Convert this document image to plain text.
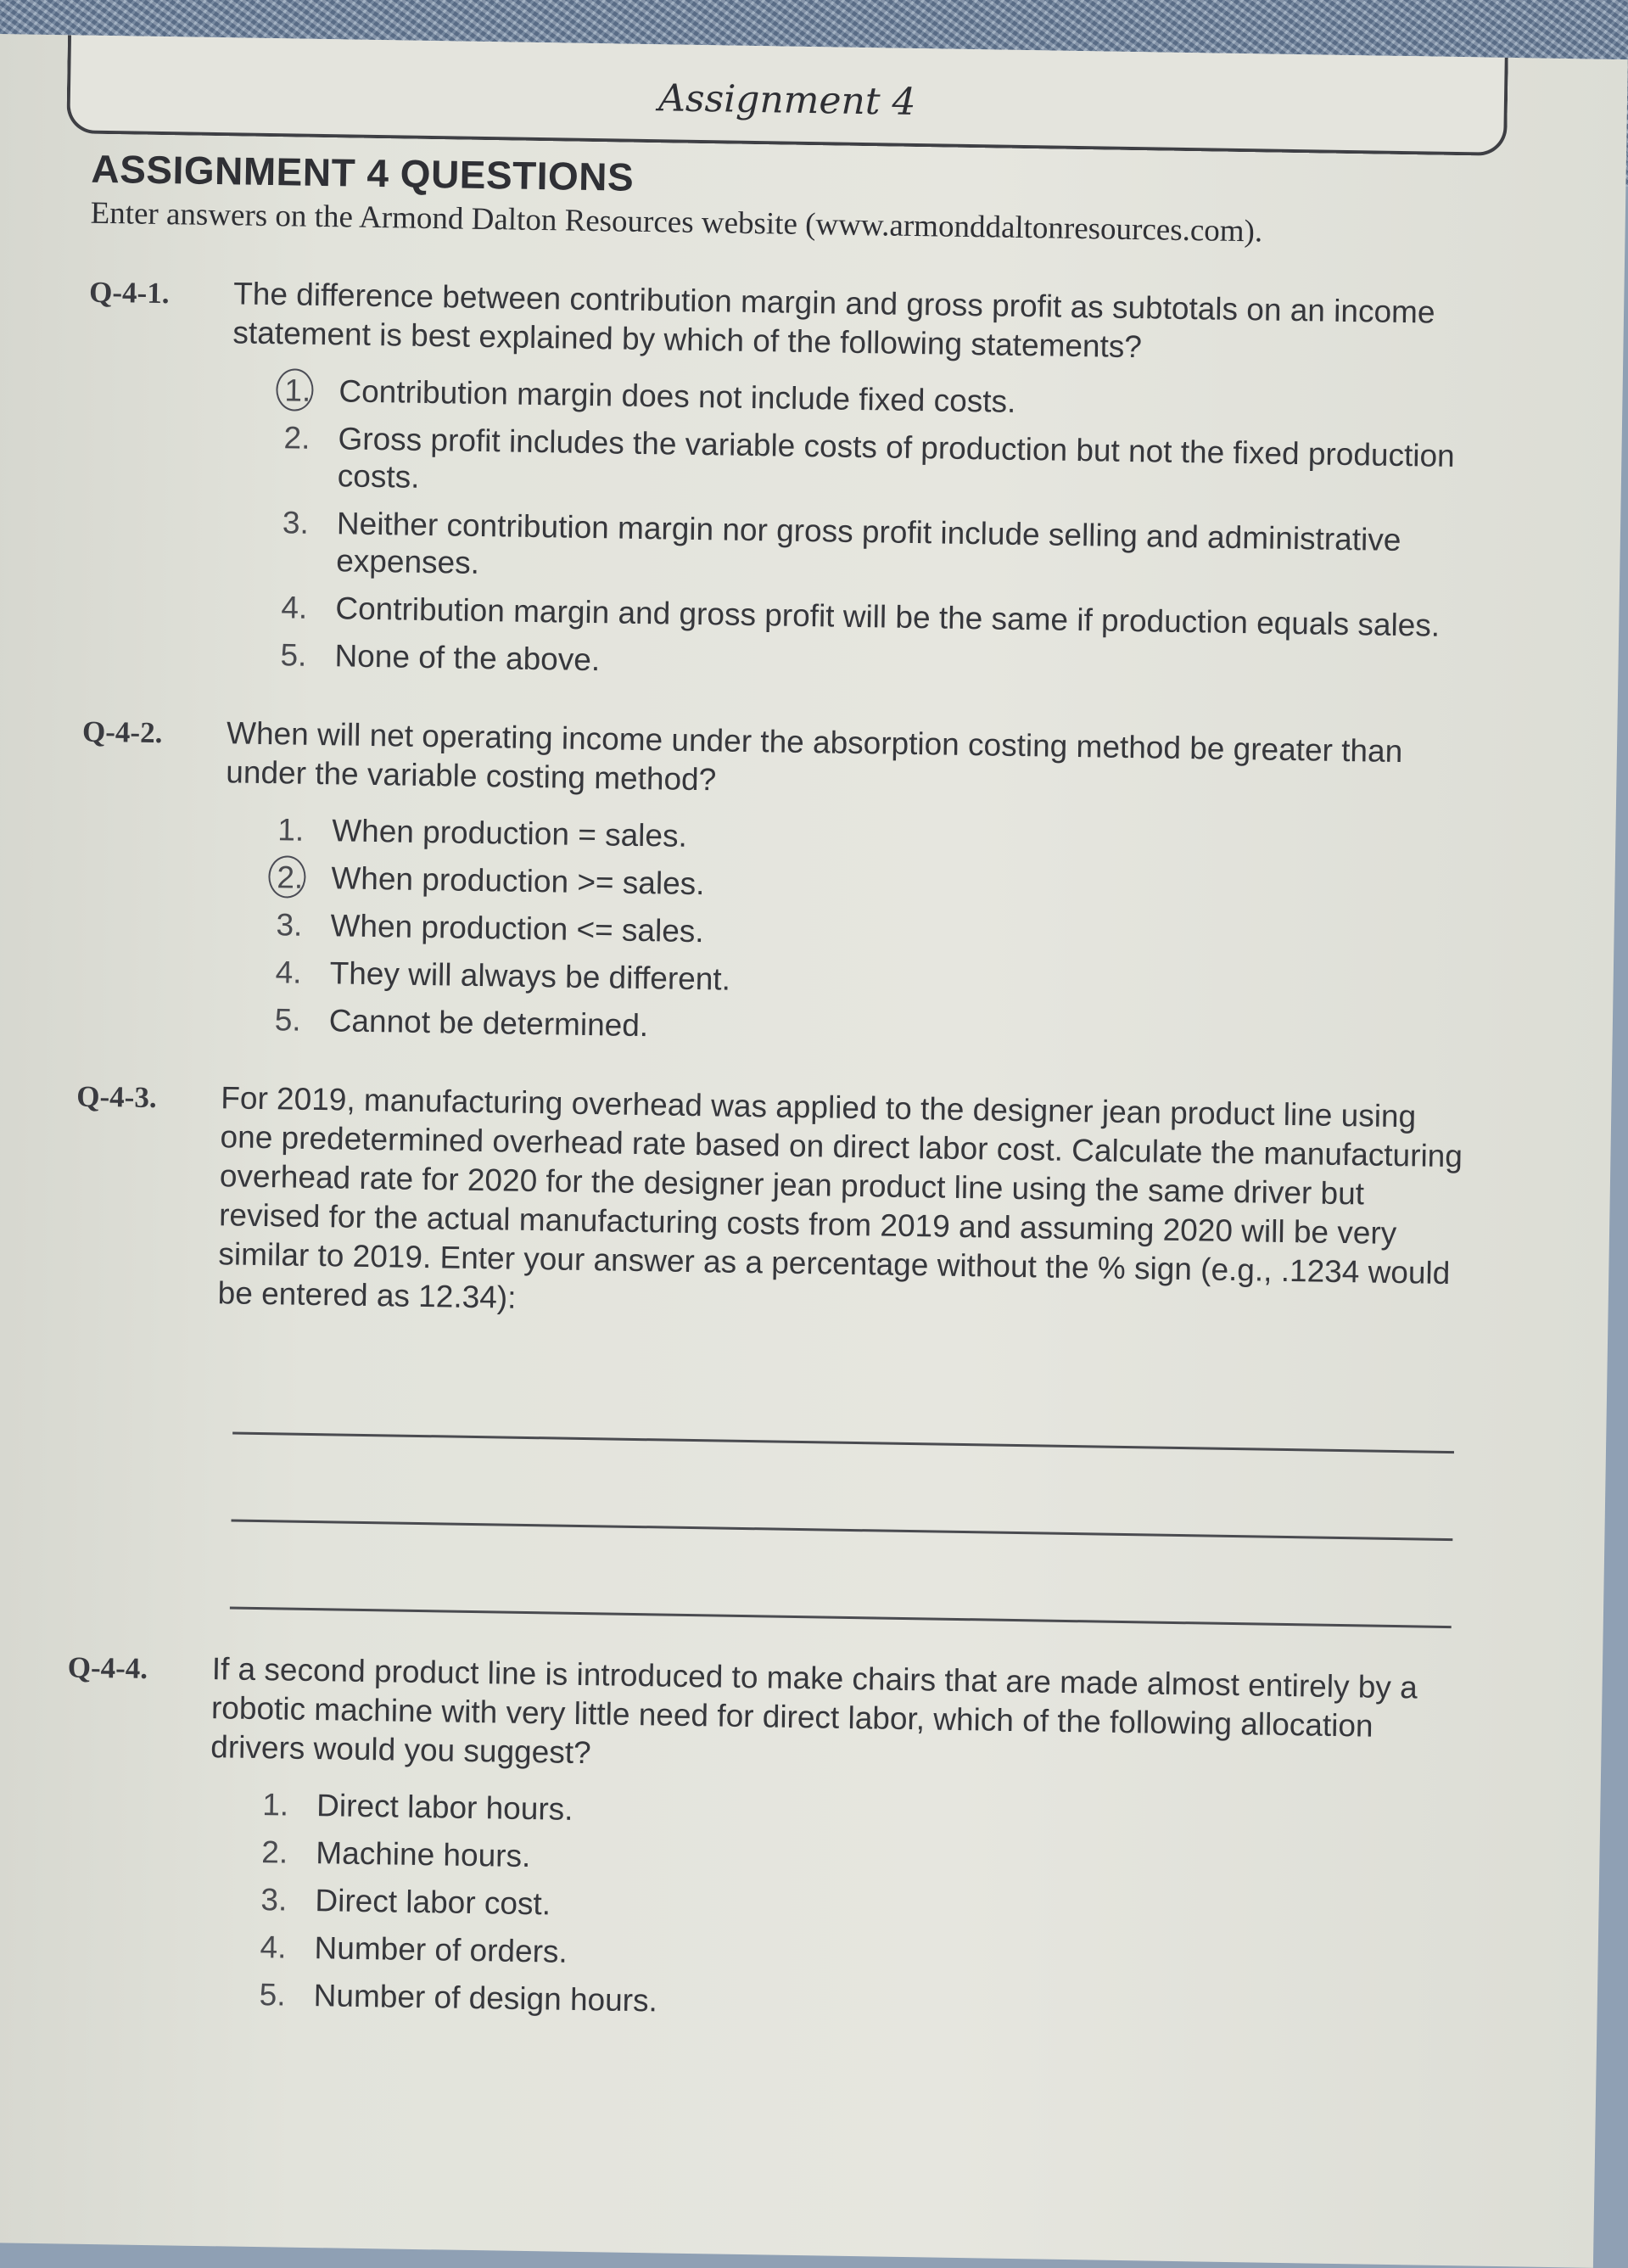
Assignment 4
ASSIGNMENT 4 QUESTIONS
Enter answers on the Armond Dalton Resources website (www.armonddaltonresources.com).
Q-4-1. The difference between contribution margin and gross profit as subtotals on an income statement is best explained by which of the following statements?
1. Contribution margin does not include fixed costs.
2. Gross profit includes the variable costs of production but not the fixed production costs.
3. Neither contribution margin nor gross profit include selling and administrative expenses.
4. Contribution margin and gross profit will be the same if production equals sales.
5. None of the above.
Q-4-2. When will net operating income under the absorption costing method be greater than under the variable costing method?
1. When production = sales.
2. When production >= sales.
3. When production <= sales.
4. They will always be different.
5. Cannot be determined.
Q-4-3. For 2019, manufacturing overhead was applied to the designer jean product line using one predetermined overhead rate based on direct labor cost. Calculate the manufacturing overhead rate for 2020 for the designer jean product line using the same driver but revised for the actual manufacturing costs from 2019 and assuming 2020 will be very similar to 2019. Enter your answer as a percentage without the % sign (e.g., .1234 would be entered as 12.34):
Q-4-4. If a second product line is introduced to make chairs that are made almost entirely by a robotic machine with very little need for direct labor, which of the following allocation drivers would you suggest?
1. Direct labor hours.
2. Machine hours.
3. Direct labor cost.
4. Number of orders.
5. Number of design hours.
